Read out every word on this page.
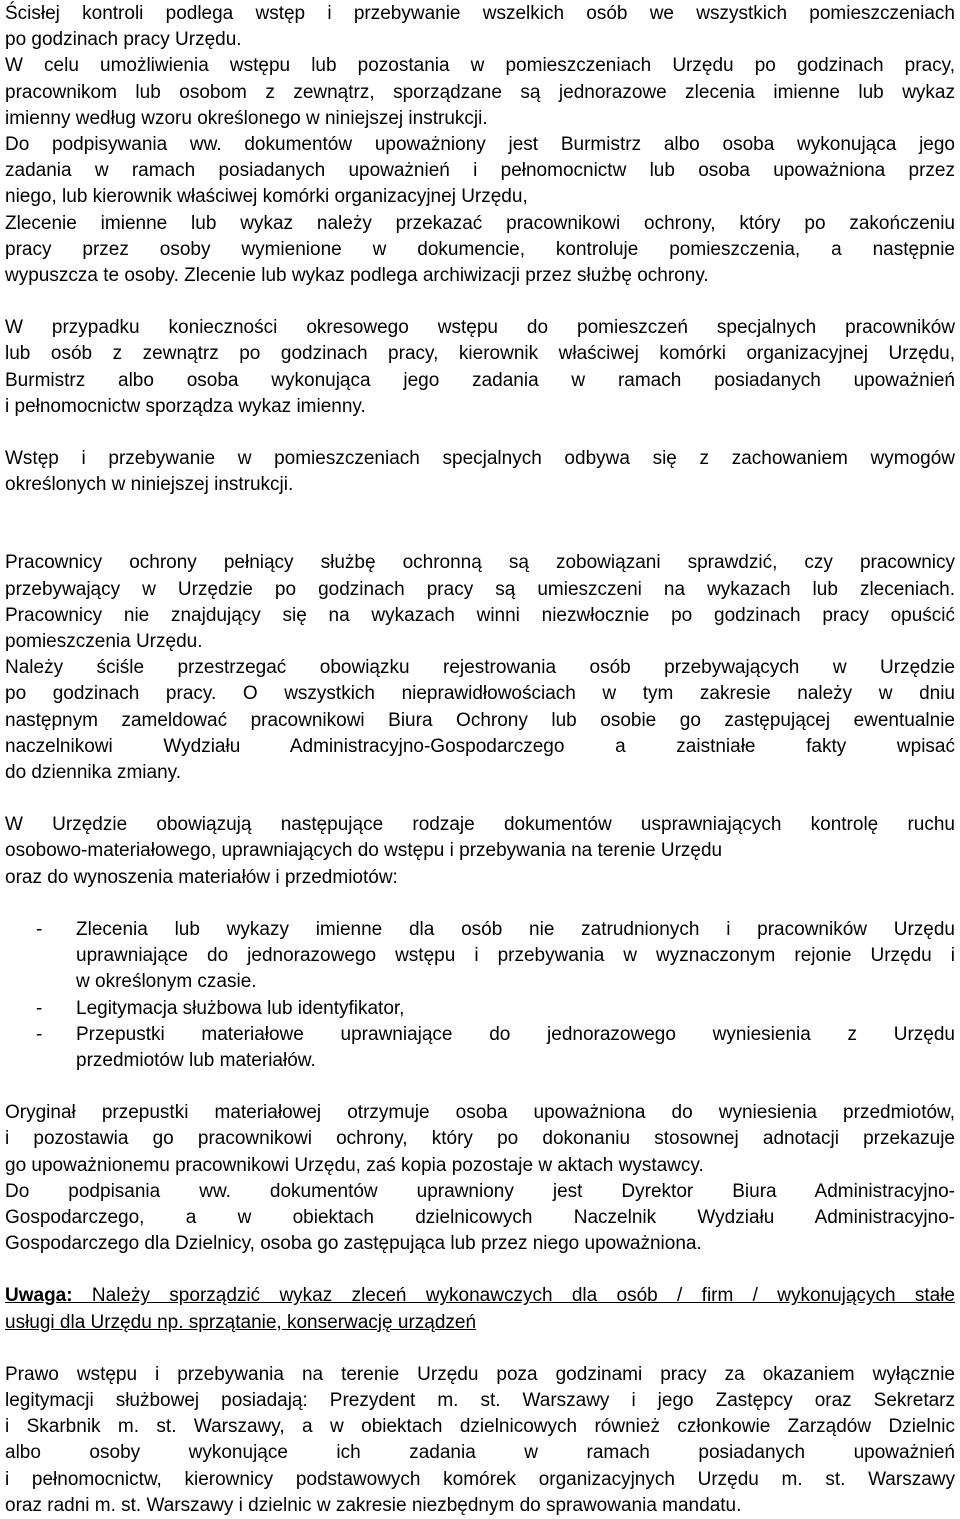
Ścisłej kontroli podlega wstęp i przebywanie wszelkich osób we wszystkich pomieszczeniach
po godzinach pracy Urzędu.
W celu umożliwienia wstępu lub pozostania w pomieszczeniach Urzędu po godzinach pracy,
pracownikom lub osobom z zewnątrz, sporządzane są jednorazowe zlecenia imienne lub wykaz
imienny według wzoru określonego w niniejszej instrukcji.
Do podpisywania ww. dokumentów upoważniony jest Burmistrz albo osoba wykonująca jego
zadania w ramach posiadanych upoważnień i pełnomocnictw lub osoba upoważniona przez
niego, lub kierownik właściwej komórki organizacyjnej Urzędu,
Zlecenie imienne lub wykaz należy przekazać pracownikowi ochrony, który po zakończeniu
pracy przez osoby wymienione w dokumencie, kontroluje pomieszczenia, a następnie
wypuszcza te osoby. Zlecenie lub wykaz podlega archiwizacji przez służbę ochrony.
W przypadku konieczności okresowego wstępu do pomieszczeń specjalnych pracowników
lub osób z zewnątrz po godzinach pracy, kierownik właściwej komórki organizacyjnej Urzędu,
Burmistrz albo osoba wykonująca jego zadania w ramach posiadanych upoważnień
i pełnomocnictw sporządza wykaz imienny.
Wstęp i przebywanie w pomieszczeniach specjalnych odbywa się z zachowaniem wymogów
określonych w niniejszej instrukcji.
Pracownicy ochrony pełniący służbę ochronną są zobowiązani sprawdzić, czy pracownicy
przebywający w Urzędzie po godzinach pracy są umieszczeni na wykazach lub zleceniach.
Pracownicy nie znajdujący się na wykazach winni niezwłocznie po godzinach pracy opuścić
pomieszczenia Urzędu.
Należy ściśle przestrzegać obowiązku rejestrowania osób przebywających w Urzędzie
po godzinach pracy. O wszystkich nieprawidłowościach w tym zakresie należy w dniu
następnym zameldować pracownikowi Biura Ochrony lub osobie go zastępującej ewentualnie
naczelnikowi Wydziału Administracyjno-Gospodarczego a zaistniałe fakty wpisać
do dziennika zmiany.
W Urzędzie obowiązują następujące rodzaje dokumentów usprawniających kontrolę ruchu
osobowo-materiałowego, uprawniających do wstępu i przebywania na terenie Urzędu
oraz do wynoszenia materiałów i przedmiotów:
- Zlecenia lub wykazy imienne dla osób nie zatrudnionych i pracowników Urzędu
uprawniające do jednorazowego wstępu i przebywania w wyznaczonym rejonie Urzędu i
w określonym czasie.
- Legitymacja służbowa lub identyfikator,
- Przepustki materiałowe uprawniające do jednorazowego wyniesienia z Urzędu
przedmiotów lub materiałów.
Oryginał przepustki materiałowej otrzymuje osoba upoważniona do wyniesienia przedmiotów,
i pozostawia go pracownikowi ochrony, który po dokonaniu stosownej adnotacji przekazuje
go upoważnionemu pracownikowi Urzędu, zaś kopia pozostaje w aktach wystawcy.
Do podpisania ww. dokumentów uprawniony jest Dyrektor Biura Administracyjno-
Gospodarczego, a w obiektach dzielnicowych Naczelnik Wydziału Administracyjno-
Gospodarczego dla Dzielnicy, osoba go zastępująca lub przez niego upoważniona.
Uwaga: Należy sporządzić wykaz zleceń wykonawczych dla osób / firm / wykonujących stałe
usługi dla Urzędu np. sprzątanie, konserwację urządzeń
Prawo wstępu i przebywania na terenie Urzędu poza godzinami pracy za okazaniem wyłącznie
legitymacji służbowej posiadają: Prezydent m. st. Warszawy i jego Zastępcy oraz Sekretarz
i Skarbnik m. st. Warszawy, a w obiektach dzielnicowych również członkowie Zarządów Dzielnic
albo osoby wykonujące ich zadania w ramach posiadanych upoważnień
i pełnomocnictw, kierownicy podstawowych komórek organizacyjnych Urzędu m. st. Warszawy
oraz radni m. st. Warszawy i dzielnic w zakresie niezbędnym do sprawowania mandatu.
